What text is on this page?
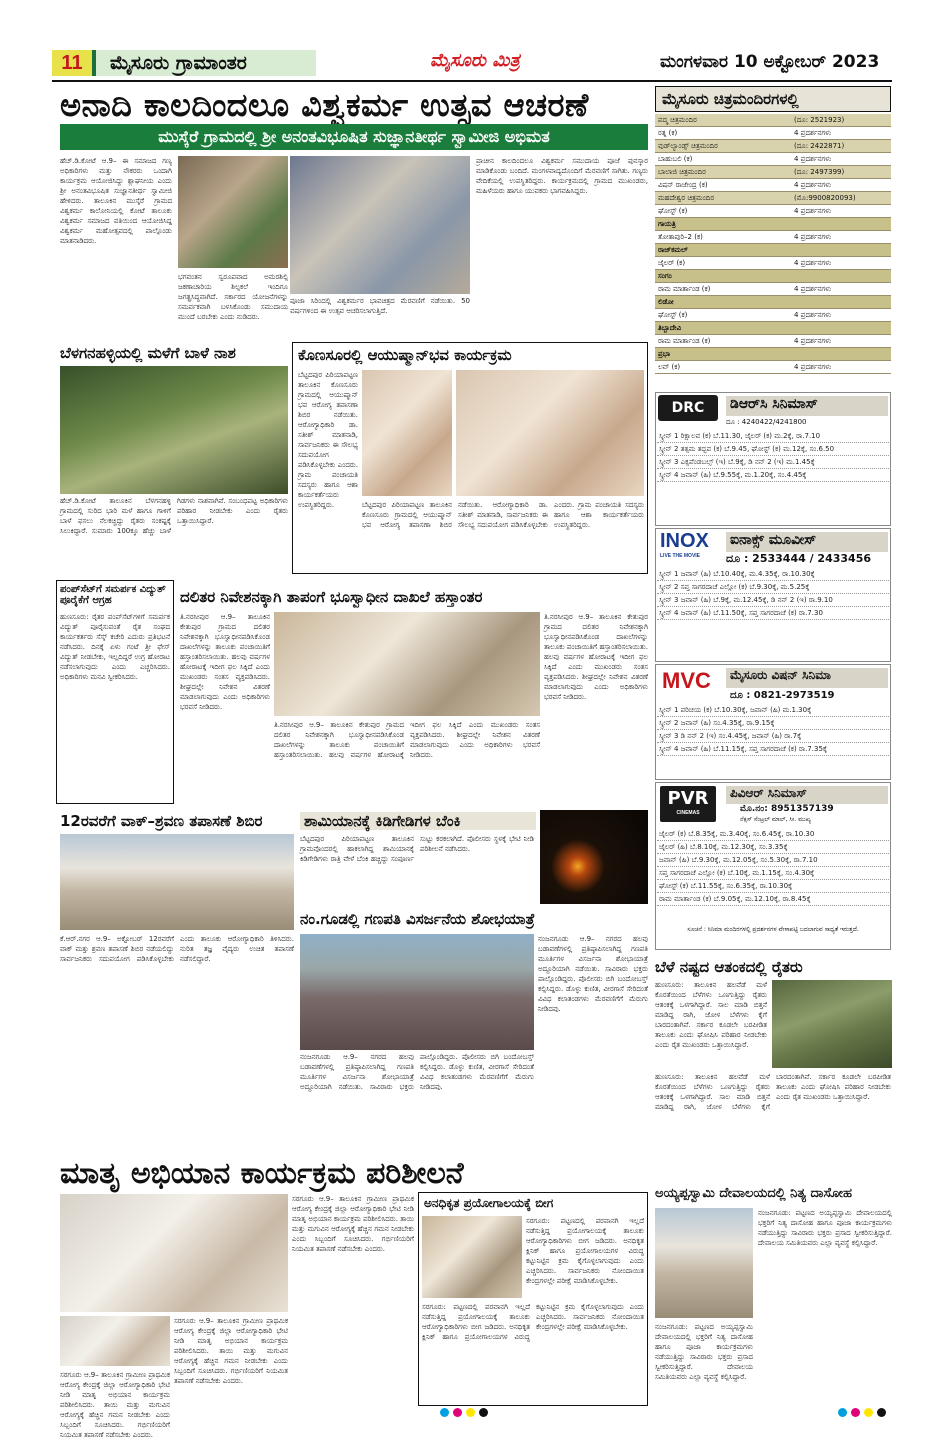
11	ಮೈಸೂರು ಗ್ರಾಮಾಂತರ	ಮೈಸೂರು ಮಿತ್ರ	ಮಂಗಳವಾರ 10 ಅಕ್ಟೋಬರ್ 2023
ಅನಾದಿ ಕಾಲದಿಂದಲೂ ವಿಶ್ವಕರ್ಮ ಉತ್ಸವ ಆಚರಣೆ
ಮುಸ್ಕೆರೆ ಗ್ರಾಮದಲ್ಲಿ ಶ್ರೀ ಅನಂತವಿಭೂಷಿತ ಸುಜ್ಞಾನತೀರ್ಥ ಸ್ವಾಮೀಜಿ ಅಭಿಮತ
ಹೆಚ್.ಡಿ.ಕೋಟೆ ಆ.9– ಈ ಸಮಾಜದ ಗಣ್ಯ ಅಧಿಕಾರಿಗಳು ಮತ್ತು ನೌಕರರು ಒಂದಾಗಿ ಕಾರ್ಯಕ್ರಮ ಆಯೋಜಿಸಿದ್ದು ಶ್ಲಾಘನೀಯ ಎಂದು ಶ್ರೀ ಅನಂತವಿಭೂಷಿತ ಸುಜ್ಞಾನತೀರ್ಥ ಸ್ವಾಮೀಜಿ ಹೇಳಿದರು. ತಾಲೂಕಿನ ಮುಸ್ಕೆರೆ ಗ್ರಾಮದ ವಿಶ್ವಕರ್ಮ ಕಾಲೋನಿಯಲ್ಲಿ ಕೋಟೆ ತಾಲೂಕು ವಿಶ್ವಕರ್ಮ ಸಮಾಜದ ವತಿಯಿಂದ ಆಯೋಜಿಸಿದ್ದ ವಿಶ್ವಕರ್ಮ ಮಹೋತ್ಸವದಲ್ಲಿ ಪಾಲ್ಗೊಂಡು ಮಾತನಾಡಿದರು.
ಭಗವಂತನ ಸ್ವರೂಪವಾದ ಅಮರಶಿಲ್ಪಿ ಜಕಣಾಚಾರಿಯ ಶಿಲ್ಪಕಲೆ ಇಂದಿಗೂ ಜಗತ್ಪ್ರಸಿದ್ಧವಾಗಿದೆ. ಸರ್ಕಾರದ ಯೋಜನೆಗಳನ್ನು ಸಮರ್ಪಕವಾಗಿ ಬಳಸಿಕೊಂಡು ಸಮುದಾಯ ಮುಂದೆ ಬರಬೇಕು ಎಂದು ನುಡಿದರು.
ಪೂಜಾ ಸಿರಿಂದಲ್ಲಿ ವಿಶ್ವಕರ್ಮರ ಭಾವಚಿತ್ರದ ಮೆರವಣಿಗೆ ನಡೆಯಿತು. 50 ವರ್ಷಗಳಿಂದ ಈ ಉತ್ಸವ ಆಚರಿಸಲಾಗುತ್ತಿದೆ.
ಪ್ರಾಚೀನ ಕಾಲದಿಂದಲೂ ವಿಶ್ವಕರ್ಮ ಸಮುದಾಯ ಪೂಜೆ ಪುನಸ್ಕಾರ ಮಾಡಿಕೊಂಡು ಬಂದಿದೆ. ಮಂಗಳವಾದ್ಯದೊಂದಿಗೆ ಮೆರವಣಿಗೆ ಸಾಗಿತು. ಗಣ್ಯರು ವೇದಿಕೆಯಲ್ಲಿ ಉಪಸ್ಥಿತರಿದ್ದರು. ಕಾರ್ಯಕ್ರಮದಲ್ಲಿ ಗ್ರಾಮದ ಮುಖಂಡರು, ಮಹಿಳೆಯರು ಹಾಗೂ ಯುವಕರು ಭಾಗವಹಿಸಿದ್ದರು.
ಬೆಳಗನಹಳ್ಳಿಯಲ್ಲಿ ಮಳೆಗೆ ಬಾಳೆ ನಾಶ
ಹೆಚ್.ಡಿ.ಕೋಟೆ ತಾಲೂಕಿನ ಬೆಳಗನಹಳ್ಳಿ ಗ್ರಾಮದಲ್ಲಿ ಸುರಿದ ಭಾರಿ ಮಳೆ ಹಾಗೂ ಗಾಳಿಗೆ ಬಾಳೆ ಫಸಲು ನೆಲಕಚ್ಚಿದ್ದು ರೈತರು ಸಂಕಷ್ಟಕ್ಕೆ ಸಿಲುಕಿದ್ದಾರೆ. ಸುಮಾರು 100ಕ್ಕೂ ಹೆಚ್ಚು ಬಾಳೆ ಗಿಡಗಳು ನಾಶವಾಗಿವೆ. ಸಂಬಂಧಪಟ್ಟ ಅಧಿಕಾರಿಗಳು ಪರಿಹಾರ ನೀಡಬೇಕು ಎಂದು ರೈತರು ಒತ್ತಾಯಿಸಿದ್ದಾರೆ.
ಕೊಣಸೂರಲ್ಲಿ ಆಯುಷ್ಮಾನ್‌ಭವ ಕಾರ್ಯಕ್ರಮ
ಬೆಟ್ಟದಪುರ ಪಿರಿಯಾಪಟ್ಟಣ ತಾಲೂಕಿನ ಕೊಣಸೂರು ಗ್ರಾಮದಲ್ಲಿ ಆಯುಷ್ಮಾನ್ ಭವ ಆರೋಗ್ಯ ತಪಾಸಣಾ ಶಿಬಿರ ನಡೆಯಿತು. ಆರೋಗ್ಯಾಧಿಕಾರಿ ಡಾ. ಸತೀಶ್ ಮಾತನಾಡಿ, ಸಾರ್ವಜನಿಕರು ಈ ಸೌಲಭ್ಯ ಸದುಪಯೋಗ ಪಡಿಸಿಕೊಳ್ಳಬೇಕು ಎಂದರು. ಗ್ರಾಮ ಪಂಚಾಯತಿ ಸದಸ್ಯರು ಹಾಗೂ ಆಶಾ ಕಾರ್ಯಕರ್ತೆಯರು ಉಪಸ್ಥಿತರಿದ್ದರು.	ಬೆಟ್ಟದಪುರ ಪಿರಿಯಾಪಟ್ಟಣ ತಾಲೂಕಿನ ಕೊಣಸೂರು ಗ್ರಾಮದಲ್ಲಿ ಆಯುಷ್ಮಾನ್ ಭವ ಆರೋಗ್ಯ ತಪಾಸಣಾ ಶಿಬಿರ ನಡೆಯಿತು. ಆರೋಗ್ಯಾಧಿಕಾರಿ ಡಾ. ಸತೀಶ್ ಮಾತನಾಡಿ, ಸಾರ್ವಜನಿಕರು ಈ ಸೌಲಭ್ಯ ಸದುಪಯೋಗ ಪಡಿಸಿಕೊಳ್ಳಬೇಕು ಎಂದರು. ಗ್ರಾಮ ಪಂಚಾಯತಿ ಸದಸ್ಯರು ಹಾಗೂ ಆಶಾ ಕಾರ್ಯಕರ್ತೆಯರು ಉಪಸ್ಥಿತರಿದ್ದರು.
ಪಂಪ್‌ಸೆಟ್‌ಗೆ ಸಮರ್ಪಕ ವಿದ್ಯುತ್ ಪೂರೈಕೆಗೆ ಆಗ್ರಹ
ಹುಣಸೂರು: ರೈತರ ಪಂಪ್‌ಸೆಟ್‌ಗಳಿಗೆ ಸಮರ್ಪಕ ವಿದ್ಯುತ್ ಪೂರೈಸುವಂತೆ ರೈತ ಸಂಘದ ಕಾರ್ಯಕರ್ತರು ಸೆಸ್ಕ್ ಕಚೇರಿ ಎದುರು ಪ್ರತಿಭಟನೆ ನಡೆಸಿದರು. ದಿನಕ್ಕೆ ಏಳು ಗಂಟೆ ತ್ರೀ ಫೇಸ್ ವಿದ್ಯುತ್ ನೀಡಬೇಕು, ಇಲ್ಲದಿದ್ದರೆ ಉಗ್ರ ಹೋರಾಟ ನಡೆಸಲಾಗುವುದು ಎಂದು ಎಚ್ಚರಿಸಿದರು. ಅಧಿಕಾರಿಗಳು ಮನವಿ ಸ್ವೀಕರಿಸಿದರು.
ದಲಿತರ ನಿವೇಶನಕ್ಕಾಗಿ ತಾಪಂಗೆ ಭೂಸ್ವಾಧೀನ ದಾಖಲೆ ಹಸ್ತಾಂತರ
ತಿ.ನರಸೀಪುರ ಆ.9– ತಾಲೂಕಿನ ಕೇತುಪುರ ಗ್ರಾಮದ ದಲಿತರ ನಿವೇಶನಕ್ಕಾಗಿ ಭೂಸ್ವಾಧೀನಪಡಿಸಿಕೊಂಡ ದಾಖಲೆಗಳನ್ನು ತಾಲೂಕು ಪಂಚಾಯಿತಿಗೆ ಹಸ್ತಾಂತರಿಸಲಾಯಿತು. ಹಲವು ವರ್ಷಗಳ ಹೋರಾಟಕ್ಕೆ ಇದೀಗ ಫಲ ಸಿಕ್ಕಿದೆ ಎಂದು ಮುಖಂಡರು ಸಂತಸ ವ್ಯಕ್ತಪಡಿಸಿದರು. ಶೀಘ್ರದಲ್ಲೇ ನಿವೇಶನ ವಿತರಣೆ ಮಾಡಲಾಗುವುದು ಎಂದು ಅಧಿಕಾರಿಗಳು ಭರವಸೆ ನೀಡಿದರು.
ತಿ.ನರಸೀಪುರ ಆ.9– ತಾಲೂಕಿನ ಕೇತುಪುರ ಗ್ರಾಮದ ದಲಿತರ ನಿವೇಶನಕ್ಕಾಗಿ ಭೂಸ್ವಾಧೀನಪಡಿಸಿಕೊಂಡ ದಾಖಲೆಗಳನ್ನು ತಾಲೂಕು ಪಂಚಾಯಿತಿಗೆ ಹಸ್ತಾಂತರಿಸಲಾಯಿತು. ಹಲವು ವರ್ಷಗಳ ಹೋರಾಟಕ್ಕೆ ಇದೀಗ ಫಲ ಸಿಕ್ಕಿದೆ ಎಂದು ಮುಖಂಡರು ಸಂತಸ ವ್ಯಕ್ತಪಡಿಸಿದರು. ಶೀಘ್ರದಲ್ಲೇ ನಿವೇಶನ ವಿತರಣೆ ಮಾಡಲಾಗುವುದು ಎಂದು ಅಧಿಕಾರಿಗಳು ಭರವಸೆ ನೀಡಿದರು.
ತಿ.ನರಸೀಪುರ ಆ.9– ತಾಲೂಕಿನ ಕೇತುಪುರ ಗ್ರಾಮದ ದಲಿತರ ನಿವೇಶನಕ್ಕಾಗಿ ಭೂಸ್ವಾಧೀನಪಡಿಸಿಕೊಂಡ ದಾಖಲೆಗಳನ್ನು ತಾಲೂಕು ಪಂಚಾಯಿತಿಗೆ ಹಸ್ತಾಂತರಿಸಲಾಯಿತು. ಹಲವು ವರ್ಷಗಳ ಹೋರಾಟಕ್ಕೆ ಇದೀಗ ಫಲ ಸಿಕ್ಕಿದೆ ಎಂದು ಮುಖಂಡರು ಸಂತಸ ವ್ಯಕ್ತಪಡಿಸಿದರು. ಶೀಘ್ರದಲ್ಲೇ ನಿವೇಶನ ವಿತರಣೆ ಮಾಡಲಾಗುವುದು ಎಂದು ಅಧಿಕಾರಿಗಳು ಭರವಸೆ ನೀಡಿದರು.
12ರವರೆಗೆ ವಾಕ್–ಶ್ರವಣ ತಪಾಸಣೆ ಶಿಬಿರ
ಕೆ.ಆರ್.ನಗರ ಆ.9– ಅಕ್ಟೋಬರ್ 12ರವರೆಗೆ ವಾಕ್ ಮತ್ತು ಶ್ರವಣ ತಪಾಸಣೆ ಶಿಬಿರ ನಡೆಯಲಿದ್ದು ಸಾರ್ವಜನಿಕರು ಸದುಪಯೋಗ ಪಡಿಸಿಕೊಳ್ಳಬೇಕು ಎಂದು ತಾಲೂಕು ಆರೋಗ್ಯಾಧಿಕಾರಿ ತಿಳಿಸಿದರು. ನುರಿತ ತಜ್ಞ ವೈದ್ಯರು ಉಚಿತ ತಪಾಸಣೆ ನಡೆಸಲಿದ್ದಾರೆ.
ಶಾಮಿಯಾನಕ್ಕೆ ಕಿಡಿಗೇಡಿಗಳ ಬೆಂಕಿ
ಬೆಟ್ಟದಪುರ ಪಿರಿಯಾಪಟ್ಟಣ ತಾಲೂಕಿನ ಗ್ರಾಮವೊಂದರಲ್ಲಿ ಹಾಕಲಾಗಿದ್ದ ಶಾಮಿಯಾನಕ್ಕೆ ಕಿಡಿಗೇಡಿಗಳು ರಾತ್ರಿ ವೇಳೆ ಬೆಂಕಿ ಹಚ್ಚಿದ್ದು ಸಂಪೂರ್ಣ ಸುಟ್ಟು ಕರಕಲಾಗಿದೆ. ಪೊಲೀಸರು ಸ್ಥಳಕ್ಕೆ ಭೇಟಿ ನೀಡಿ ಪರಿಶೀಲನೆ ನಡೆಸಿದರು.
ನಂ.ಗೂಡಲ್ಲಿ ಗಣಪತಿ ವಿಸರ್ಜನೆಯ ಶೋಭಯಾತ್ರೆ
ನಂಜನಗೂಡು ಆ.9– ನಗರದ ಹಲವು ಬಡಾವಣೆಗಳಲ್ಲಿ ಪ್ರತಿಷ್ಠಾಪಿಸಲಾಗಿದ್ದ ಗಣಪತಿ ಮೂರ್ತಿಗಳ ವಿಸರ್ಜನಾ ಶೋಭಾಯಾತ್ರೆ ಅದ್ದೂರಿಯಾಗಿ ನಡೆಯಿತು. ಸಾವಿರಾರು ಭಕ್ತರು ಪಾಲ್ಗೊಂಡಿದ್ದರು. ಪೊಲೀಸರು ಬಿಗಿ ಬಂದೋಬಸ್ತ್ ಕಲ್ಪಿಸಿದ್ದರು. ಡೊಳ್ಳು ಕುಣಿತ, ವೀರಗಾಸೆ ಸೇರಿದಂತೆ ವಿವಿಧ ಕಲಾತಂಡಗಳು ಮೆರವಣಿಗೆಗೆ ಮೆರುಗು ನೀಡಿದವು.
ನಂಜನಗೂಡು ಆ.9– ನಗರದ ಹಲವು ಬಡಾವಣೆಗಳಲ್ಲಿ ಪ್ರತಿಷ್ಠಾಪಿಸಲಾಗಿದ್ದ ಗಣಪತಿ ಮೂರ್ತಿಗಳ ವಿಸರ್ಜನಾ ಶೋಭಾಯಾತ್ರೆ ಅದ್ದೂರಿಯಾಗಿ ನಡೆಯಿತು. ಸಾವಿರಾರು ಭಕ್ತರು ಪಾಲ್ಗೊಂಡಿದ್ದರು. ಪೊಲೀಸರು ಬಿಗಿ ಬಂದೋಬಸ್ತ್ ಕಲ್ಪಿಸಿದ್ದರು. ಡೊಳ್ಳು ಕುಣಿತ, ವೀರಗಾಸೆ ಸೇರಿದಂತೆ ವಿವಿಧ ಕಲಾತಂಡಗಳು ಮೆರವಣಿಗೆಗೆ ಮೆರುಗು ನೀಡಿದವು.
ಮೈಸೂರು ಚಿತ್ರಮಂದಿರಗಳಲ್ಲಿ
ಪದ್ಮ ಚಿತ್ರಮಂದಿರ	(ದೂ: 2521923)
ರತ್ನ (ಕ)	4 ಪ್ರದರ್ಶನಗಳು
ವುಡ್‌ಲ್ಯಾಂಡ್ಸ್ ಚಿತ್ರಮಂದಿರ	(ದೂ: 2422871)
ಬಾಹುಬಲಿ (ಕ)	4 ಪ್ರದರ್ಶನಗಳು
ಬಾಲಾಜಿ ಚಿತ್ರಮಂದಿರ	(ದೂ: 2497399)
ವಿಷನ್ ರಾಜೇಂದ್ರ (ಕ)	4 ಪ್ರದರ್ಶನಗಳು
ಮಹದೇಶ್ವರ ಚಿತ್ರಮಂದಿರ	(ಮೊ:9900820093)
ಘೋಸ್ಟ್ (ಕ)	4 ಪ್ರದರ್ಶನಗಳು
ಗಾಯತ್ರಿ
ತೋತಾಪುರಿ–2 (ಕ)	4 ಪ್ರದರ್ಶನಗಳು
ರಾಜ್‌ಕಮಲ್
ಜೈಲರ್ (ಕ)	4 ಪ್ರದರ್ಶನಗಳು
ಸಂಗಂ
ರಾಮ ಮಾರ್ತಾಂಡ (ಕ)	4 ಪ್ರದರ್ಶನಗಳು
ಲಿಡೋ
ಘೋಸ್ಟ್ (ಕ)	4 ಪ್ರದರ್ಶನಗಳು
ತಿಬ್ಬಾದೇವಿ
ರಾಮ ಮಾರ್ತಾಂಡ (ಕ)	4 ಪ್ರದರ್ಶನಗಳು
ಪ್ರಭಾ
ಲವ್ (ಕ)	4 ಪ್ರದರ್ಶನಗಳು
DRC	ಡಿಆರ್‌ಸಿ ಸಿನಿಮಾಸ್
ದೂ : 4240422/4241800
ಸ್ಕ್ರೀನ್ 1 ರಿಕ್ಷಾಲವ (ಕ) ಬೆ.11.30, ಜೈಲರ್ (ಕ) ಮ.2ಕ್ಕೆ, ರಾ.7.10
ಸ್ಕ್ರೀನ್ 2 ತತ್ಸಮ ತದ್ಭವ (ಕ) ಬೆ.9.45, ಘೋಸ್ಟ್ (ಕ) ಮ.12ಕ್ಕೆ, ಸಂ.6.50
ಸ್ಕ್ರೀನ್ 3 ಎಕ್ಸಪೆಂಡಬಲ್ಸ್ (ಇ) ಬೆ.9ಕ್ಕೆ, ಡಿ ನನ್ 2 (ಇ) ಮ.1.45ಕ್ಕೆ
ಸ್ಕ್ರೀನ್ 4 ಜವಾನ್ (ಹಿ) ಬೆ.9.55ಕ್ಕೆ, ಮ.1.20ಕ್ಕೆ, ಸಂ.4.45ಕ್ಕೆ
INOX
LIVE THE MOVIE
ಐನಾಕ್ಸ್ ಮೂವೀಸ್
ದೂ : 2533444 / 2433456
ಸ್ಕ್ರೀನ್ 1 ಜವಾನ್ (ಹಿ) ಬೆ.10.40ಕ್ಕೆ, ಮ.4.35ಕ್ಕೆ, ರಾ.10.30ಕ್ಕೆ
ಸ್ಕ್ರೀನ್ 2 ಸಪ್ತ ಸಾಗರದಾಚೆ ಎಲ್ಲೋ (ಕ) ಬೆ.9.30ಕ್ಕೆ, ಮ.5.25ಕ್ಕೆ
ಸ್ಕ್ರೀನ್ 3 ಜವಾನ್ (ಹಿ) ಬೆ.9ಕ್ಕೆ, ಮ.12.45ಕ್ಕೆ, ಡಿ ನನ್ 2 (ಇ) ರಾ.9.10
ಸ್ಕ್ರೀನ್ 4 ಜವಾನ್ (ಹಿ) ಬೆ.11.50ಕ್ಕೆ, ಸಪ್ತ ಸಾಗರದಾಚೆ (ಕ) ರಾ.7.30
MVC	ಮೈಸೂರು ವಿಷನ್ ಸಿನಿಮಾ
ದೂ : 0821-2973519
ಸ್ಕ್ರೀನ್ 1 ಪರಿಚಯ (ಕ) ಬೆ.10.30ಕ್ಕೆ, ಜವಾನ್ (ಹಿ) ಮ.1.30ಕ್ಕೆ
ಸ್ಕ್ರೀನ್ 2 ಜವಾನ್ (ಹಿ) ಸಂ.4.35ಕ್ಕೆ, ರಾ.9.15ಕ್ಕೆ
ಸ್ಕ್ರೀನ್ 3 ಡಿ ನನ್ 2 (ಇ) ಸಂ.4.45ಕ್ಕೆ, ಜವಾನ್ (ಹಿ) ರಾ.7ಕ್ಕೆ
ಸ್ಕ್ರೀನ್ 4 ಜವಾನ್ (ಹಿ) ಬೆ.11.15ಕ್ಕೆ, ಸಪ್ತ ಸಾಗರದಾಚೆ (ಕ) ರಾ.7.35ಕ್ಕೆ
PVR
CINEMAS
ಪಿವಿಆರ್ ಸಿನಿಮಾಸ್
ಮೊ.ನಂ: 8951357139
ನೆಕ್ಸಸ್ ಸೆಂಟ್ರಲ್ ಮಾಲ್, ಸೀ. ಮುಖ್ಯ
ಜೈಲರ್ (ಕ) ಬೆ.8.35ಕ್ಕೆ, ಮ.3.40ಕ್ಕೆ, ಸಂ.6.45ಕ್ಕೆ, ರಾ.10.30
ಜೈಲರ್ (ಹಿ) ಬೆ.8.10ಕ್ಕೆ, ಮ.12.30ಕ್ಕೆ, ಸಂ.3.35ಕ್ಕೆ
ಜವಾನ್ (ಹಿ) ಬೆ.9.30ಕ್ಕೆ, ಮ.12.05ಕ್ಕೆ, ಸಂ.5.30ಕ್ಕೆ, ರಾ.7.10
ಸಪ್ತ ಸಾಗರದಾಚೆ ಎಲ್ಲೋ (ಕ) ಬೆ.10ಕ್ಕೆ, ಮ.1.15ಕ್ಕೆ, ಸಂ.4.30ಕ್ಕೆ
ಘೋಸ್ಟ್ (ಕ) ಬೆ.11.55ಕ್ಕೆ, ಸಂ.6.35ಕ್ಕೆ, ರಾ.10.30ಕ್ಕೆ
ರಾಮ ಮಾರ್ತಾಂಡ (ಕ) ಬೆ.9.05ಕ್ಕೆ, ಮ.12.10ಕ್ಕೆ, ರಾ.8.45ಕ್ಕೆ
ಸೂಚನೆ : ಸಿನಿಮಾ ಮಂದಿರಗಳಲ್ಲಿ ಪ್ರದರ್ಶನಗಳ ವೇಳಾಪಟ್ಟಿ ಬದಲಾಗುವ ಸಾಧ್ಯತೆ ಇರುತ್ತದೆ.
ಬೆಳೆ ನಷ್ಟದ ಆತಂಕದಲ್ಲಿ ರೈತರು
ಹುಣಸೂರು: ತಾಲೂಕಿನ ಹಲವೆಡೆ ಮಳೆ ಕೊರತೆಯಿಂದ ಬೆಳೆಗಳು ಒಣಗುತ್ತಿದ್ದು ರೈತರು ಆತಂಕಕ್ಕೆ ಒಳಗಾಗಿದ್ದಾರೆ. ಸಾಲ ಮಾಡಿ ಬಿತ್ತನೆ ಮಾಡಿದ್ದ ರಾಗಿ, ಜೋಳ ಬೆಳೆಗಳು ಕೈಗೆ ಬಾರದಂತಾಗಿವೆ. ಸರ್ಕಾರ ಕೂಡಲೇ ಬರಪೀಡಿತ ತಾಲೂಕು ಎಂದು ಘೋಷಿಸಿ ಪರಿಹಾರ ನೀಡಬೇಕು ಎಂದು ರೈತ ಮುಖಂಡರು ಒತ್ತಾಯಿಸಿದ್ದಾರೆ.
ಹುಣಸೂರು: ತಾಲೂಕಿನ ಹಲವೆಡೆ ಮಳೆ ಕೊರತೆಯಿಂದ ಬೆಳೆಗಳು ಒಣಗುತ್ತಿದ್ದು ರೈತರು ಆತಂಕಕ್ಕೆ ಒಳಗಾಗಿದ್ದಾರೆ. ಸಾಲ ಮಾಡಿ ಬಿತ್ತನೆ ಮಾಡಿದ್ದ ರಾಗಿ, ಜೋಳ ಬೆಳೆಗಳು ಕೈಗೆ ಬಾರದಂತಾಗಿವೆ. ಸರ್ಕಾರ ಕೂಡಲೇ ಬರಪೀಡಿತ ತಾಲೂಕು ಎಂದು ಘೋಷಿಸಿ ಪರಿಹಾರ ನೀಡಬೇಕು ಎಂದು ರೈತ ಮುಖಂಡರು ಒತ್ತಾಯಿಸಿದ್ದಾರೆ.
ಮಾತೃ ಅಭಿಯಾನ ಕಾರ್ಯಕ್ರಮ ಪರಿಶೀಲನೆ
ಸರಗೂರು ಆ.9– ತಾಲೂಕಿನ ಗ್ರಾಮೀಣ ಪ್ರಾಥಮಿಕ ಆರೋಗ್ಯ ಕೇಂದ್ರಕ್ಕೆ ಜಿಲ್ಲಾ ಆರೋಗ್ಯಾಧಿಕಾರಿ ಭೇಟಿ ನೀಡಿ ಮಾತೃ ಅಭಿಯಾನ ಕಾರ್ಯಕ್ರಮ ಪರಿಶೀಲಿಸಿದರು. ತಾಯಿ ಮತ್ತು ಮಗುವಿನ ಆರೋಗ್ಯಕ್ಕೆ ಹೆಚ್ಚಿನ ಗಮನ ನೀಡಬೇಕು ಎಂದು ಸಿಬ್ಬಂದಿಗೆ ಸೂಚಿಸಿದರು. ಗರ್ಭಿಣಿಯರಿಗೆ ನಿಯಮಿತ ತಪಾಸಣೆ ನಡೆಸಬೇಕು ಎಂದರು.
ಸರಗೂರು ಆ.9– ತಾಲೂಕಿನ ಗ್ರಾಮೀಣ ಪ್ರಾಥಮಿಕ ಆರೋಗ್ಯ ಕೇಂದ್ರಕ್ಕೆ ಜಿಲ್ಲಾ ಆರೋಗ್ಯಾಧಿಕಾರಿ ಭೇಟಿ ನೀಡಿ ಮಾತೃ ಅಭಿಯಾನ ಕಾರ್ಯಕ್ರಮ ಪರಿಶೀಲಿಸಿದರು. ತಾಯಿ ಮತ್ತು ಮಗುವಿನ ಆರೋಗ್ಯಕ್ಕೆ ಹೆಚ್ಚಿನ ಗಮನ ನೀಡಬೇಕು ಎಂದು ಸಿಬ್ಬಂದಿಗೆ ಸೂಚಿಸಿದರು. ಗರ್ಭಿಣಿಯರಿಗೆ ನಿಯಮಿತ ತಪಾಸಣೆ ನಡೆಸಬೇಕು ಎಂದರು.
ಸರಗೂರು ಆ.9– ತಾಲೂಕಿನ ಗ್ರಾಮೀಣ ಪ್ರಾಥಮಿಕ ಆರೋಗ್ಯ ಕೇಂದ್ರಕ್ಕೆ ಜಿಲ್ಲಾ ಆರೋಗ್ಯಾಧಿಕಾರಿ ಭೇಟಿ ನೀಡಿ ಮಾತೃ ಅಭಿಯಾನ ಕಾರ್ಯಕ್ರಮ ಪರಿಶೀಲಿಸಿದರು. ತಾಯಿ ಮತ್ತು ಮಗುವಿನ ಆರೋಗ್ಯಕ್ಕೆ ಹೆಚ್ಚಿನ ಗಮನ ನೀಡಬೇಕು ಎಂದು ಸಿಬ್ಬಂದಿಗೆ ಸೂಚಿಸಿದರು. ಗರ್ಭಿಣಿಯರಿಗೆ ನಿಯಮಿತ ತಪಾಸಣೆ ನಡೆಸಬೇಕು ಎಂದರು.
ಅನಧಿಕೃತ ಪ್ರಯೋಗಾಲಯಕ್ಕೆ ಬೀಗ
ಸರಗೂರು: ಪಟ್ಟಣದಲ್ಲಿ ಪರವಾನಗಿ ಇಲ್ಲದೆ ನಡೆಸುತ್ತಿದ್ದ ಪ್ರಯೋಗಾಲಯಕ್ಕೆ ತಾಲೂಕು ಆರೋಗ್ಯಾಧಿಕಾರಿಗಳು ಬೀಗ ಜಡಿದರು. ಅನಧಿಕೃತ ಕ್ಲಿನಿಕ್ ಹಾಗೂ ಪ್ರಯೋಗಾಲಯಗಳ ವಿರುದ್ಧ ಕಟ್ಟುನಿಟ್ಟಿನ ಕ್ರಮ ಕೈಗೊಳ್ಳಲಾಗುವುದು ಎಂದು ಎಚ್ಚರಿಸಿದರು. ಸಾರ್ವಜನಿಕರು ನೋಂದಾಯಿತ ಕೇಂದ್ರಗಳಲ್ಲೇ ಪರೀಕ್ಷೆ ಮಾಡಿಸಿಕೊಳ್ಳಬೇಕು.
ಸರಗೂರು: ಪಟ್ಟಣದಲ್ಲಿ ಪರವಾನಗಿ ಇಲ್ಲದೆ ನಡೆಸುತ್ತಿದ್ದ ಪ್ರಯೋಗಾಲಯಕ್ಕೆ ತಾಲೂಕು ಆರೋಗ್ಯಾಧಿಕಾರಿಗಳು ಬೀಗ ಜಡಿದರು. ಅನಧಿಕೃತ ಕ್ಲಿನಿಕ್ ಹಾಗೂ ಪ್ರಯೋಗಾಲಯಗಳ ವಿರುದ್ಧ ಕಟ್ಟುನಿಟ್ಟಿನ ಕ್ರಮ ಕೈಗೊಳ್ಳಲಾಗುವುದು ಎಂದು ಎಚ್ಚರಿಸಿದರು. ಸಾರ್ವಜನಿಕರು ನೋಂದಾಯಿತ ಕೇಂದ್ರಗಳಲ್ಲೇ ಪರೀಕ್ಷೆ ಮಾಡಿಸಿಕೊಳ್ಳಬೇಕು.
ಅಯ್ಯಪ್ಪಸ್ವಾಮಿ ದೇವಾಲಯದಲ್ಲಿ ನಿತ್ಯ ದಾಸೋಹ
ನಂಜನಗೂಡು: ಪಟ್ಟಣದ ಅಯ್ಯಪ್ಪಸ್ವಾಮಿ ದೇವಾಲಯದಲ್ಲಿ ಭಕ್ತರಿಗೆ ನಿತ್ಯ ದಾಸೋಹ ಹಾಗೂ ಪೂಜಾ ಕಾರ್ಯಕ್ರಮಗಳು ನಡೆಯುತ್ತಿದ್ದು ಸಾವಿರಾರು ಭಕ್ತರು ಪ್ರಸಾದ ಸ್ವೀಕರಿಸುತ್ತಿದ್ದಾರೆ. ದೇವಾಲಯ ಸಮಿತಿಯವರು ಎಲ್ಲಾ ವ್ಯವಸ್ಥೆ ಕಲ್ಪಿಸಿದ್ದಾರೆ.
ನಂಜನಗೂಡು: ಪಟ್ಟಣದ ಅಯ್ಯಪ್ಪಸ್ವಾಮಿ ದೇವಾಲಯದಲ್ಲಿ ಭಕ್ತರಿಗೆ ನಿತ್ಯ ದಾಸೋಹ ಹಾಗೂ ಪೂಜಾ ಕಾರ್ಯಕ್ರಮಗಳು ನಡೆಯುತ್ತಿದ್ದು ಸಾವಿರಾರು ಭಕ್ತರು ಪ್ರಸಾದ ಸ್ವೀಕರಿಸುತ್ತಿದ್ದಾರೆ. ದೇವಾಲಯ ಸಮಿತಿಯವರು ಎಲ್ಲಾ ವ್ಯವಸ್ಥೆ ಕಲ್ಪಿಸಿದ್ದಾರೆ.
